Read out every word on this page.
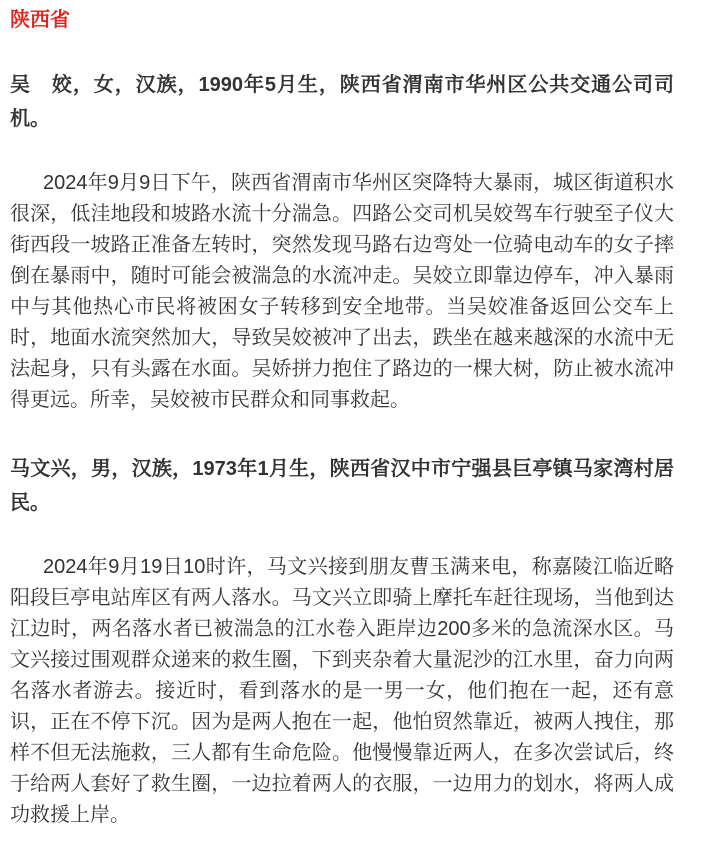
陕西省

吴　姣，女，汉族，1990年5月生，陕西省渭南市华州区公共交通公司司机。

2024年9月9日下午，陕西省渭南市华州区突降特大暴雨，城区街道积水很深，低洼地段和坡路水流十分湍急。四路公交司机吴姣驾车行驶至子仪大街西段一坡路正准备左转时，突然发现马路右边弯处一位骑电动车的女子摔倒在暴雨中，随时可能会被湍急的水流冲走。吴姣立即靠边停车，冲入暴雨中与其他热心市民将被困女子转移到安全地带。当吴姣准备返回公交车上时，地面水流突然加大，导致吴姣被冲了出去，跌坐在越来越深的水流中无法起身，只有头露在水面。吴娇拼力抱住了路边的一棵大树，防止被水流冲得更远。所幸，吴姣被市民群众和同事救起。

马文兴，男，汉族，1973年1月生，陕西省汉中市宁强县巨亭镇马家湾村居民。

2024年9月19日10时许，马文兴接到朋友曹玉满来电，称嘉陵江临近略阳段巨亭电站库区有两人落水。马文兴立即骑上摩托车赶往现场，当他到达江边时，两名落水者已被湍急的江水卷入距岸边200多米的急流深水区。马文兴接过围观群众递来的救生圈，下到夹杂着大量泥沙的江水里，奋力向两名落水者游去。接近时，看到落水的是一男一女，他们抱在一起，还有意识，正在不停下沉。因为是两人抱在一起，他怕贸然靠近，被两人拽住，那样不但无法施救，三人都有生命危险。他慢慢靠近两人，在多次尝试后，终于给两人套好了救生圈，一边拉着两人的衣服，一边用力的划水，将两人成功救援上岸。
